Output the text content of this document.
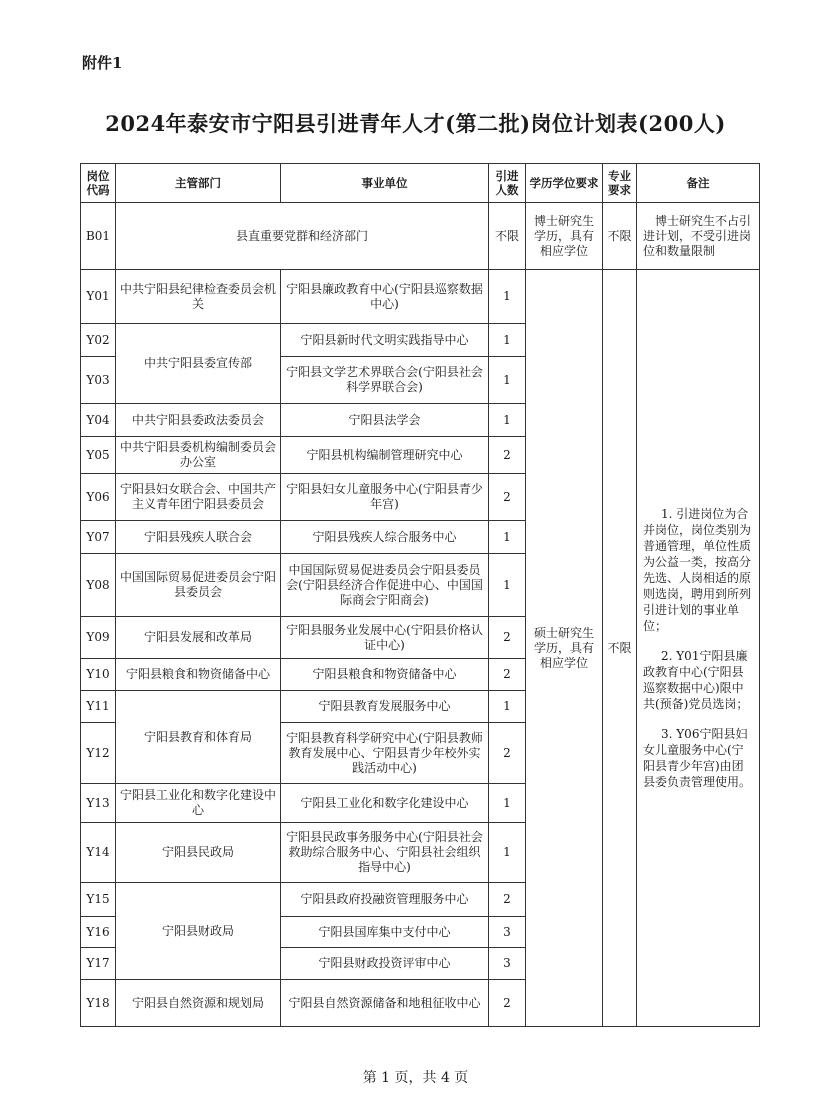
附件1
2024年泰安市宁阳县引进青年人才(第二批)岗位计划表(200人)
岗位代码	主管部门	事业单位	引进人数	学历学位要求	专业要求	备注
B01	县直重要党群和经济部门		不限	博士研究生学历，具有相应学位	不限	博士研究生不占引进计划，不受引进岗位和数量限制
Y01	中共宁阳县纪律检查委员会机关	宁阳县廉政教育中心(宁阳县巡察数据中心)	1	硕士研究生学历，具有相应学位	不限	1. 引进岗位为合并岗位，岗位类别为普通管理，单位性质为公益一类，按高分先选、人岗相适的原则选岗，聘用到所列引进计划的事业单位；

2. Y01宁阳县廉政教育中心(宁阳县巡察数据中心)限中共(预备)党员选岗；

3. Y06宁阳县妇女儿童服务中心(宁阳县青少年宫)由团县委负责管理使用。

Y02	中共宁阳县委宣传部	宁阳县新时代文明实践指导中心	1			
Y03		宁阳县文学艺术界联合会(宁阳县社会科学界联合会)	1			
Y04	中共宁阳县委政法委员会	宁阳县法学会	1			
Y05	中共宁阳县委机构编制委员会办公室	宁阳县机构编制管理研究中心	2			
Y06	宁阳县妇女联合会、中国共产主义青年团宁阳县委员会	宁阳县妇女儿童服务中心(宁阳县青少年宫)	2			
Y07	宁阳县残疾人联合会	宁阳县残疾人综合服务中心	1			
Y08	中国国际贸易促进委员会宁阳县委员会	中国国际贸易促进委员会宁阳县委员会(宁阳县经济合作促进中心、中国国际商会宁阳商会)	1			
Y09	宁阳县发展和改革局	宁阳县服务业发展中心(宁阳县价格认证中心)	2			
Y10	宁阳县粮食和物资储备中心	宁阳县粮食和物资储备中心	2			
Y11	宁阳县教育和体育局	宁阳县教育发展服务中心	1			
Y12		宁阳县教育科学研究中心(宁阳县教师教育发展中心、宁阳县青少年校外实践活动中心)	2			
Y13	宁阳县工业化和数字化建设中心	宁阳县工业化和数字化建设中心	1			
Y14	宁阳县民政局	宁阳县民政事务服务中心(宁阳县社会救助综合服务中心、宁阳县社会组织指导中心)	1			
Y15	宁阳县财政局	宁阳县政府投融资管理服务中心	2			
Y16		宁阳县国库集中支付中心	3			
Y17		宁阳县财政投资评审中心	3			
Y18	宁阳县自然资源和规划局	宁阳县自然资源储备和地租征收中心	2			
第 1 页，共 4 页
